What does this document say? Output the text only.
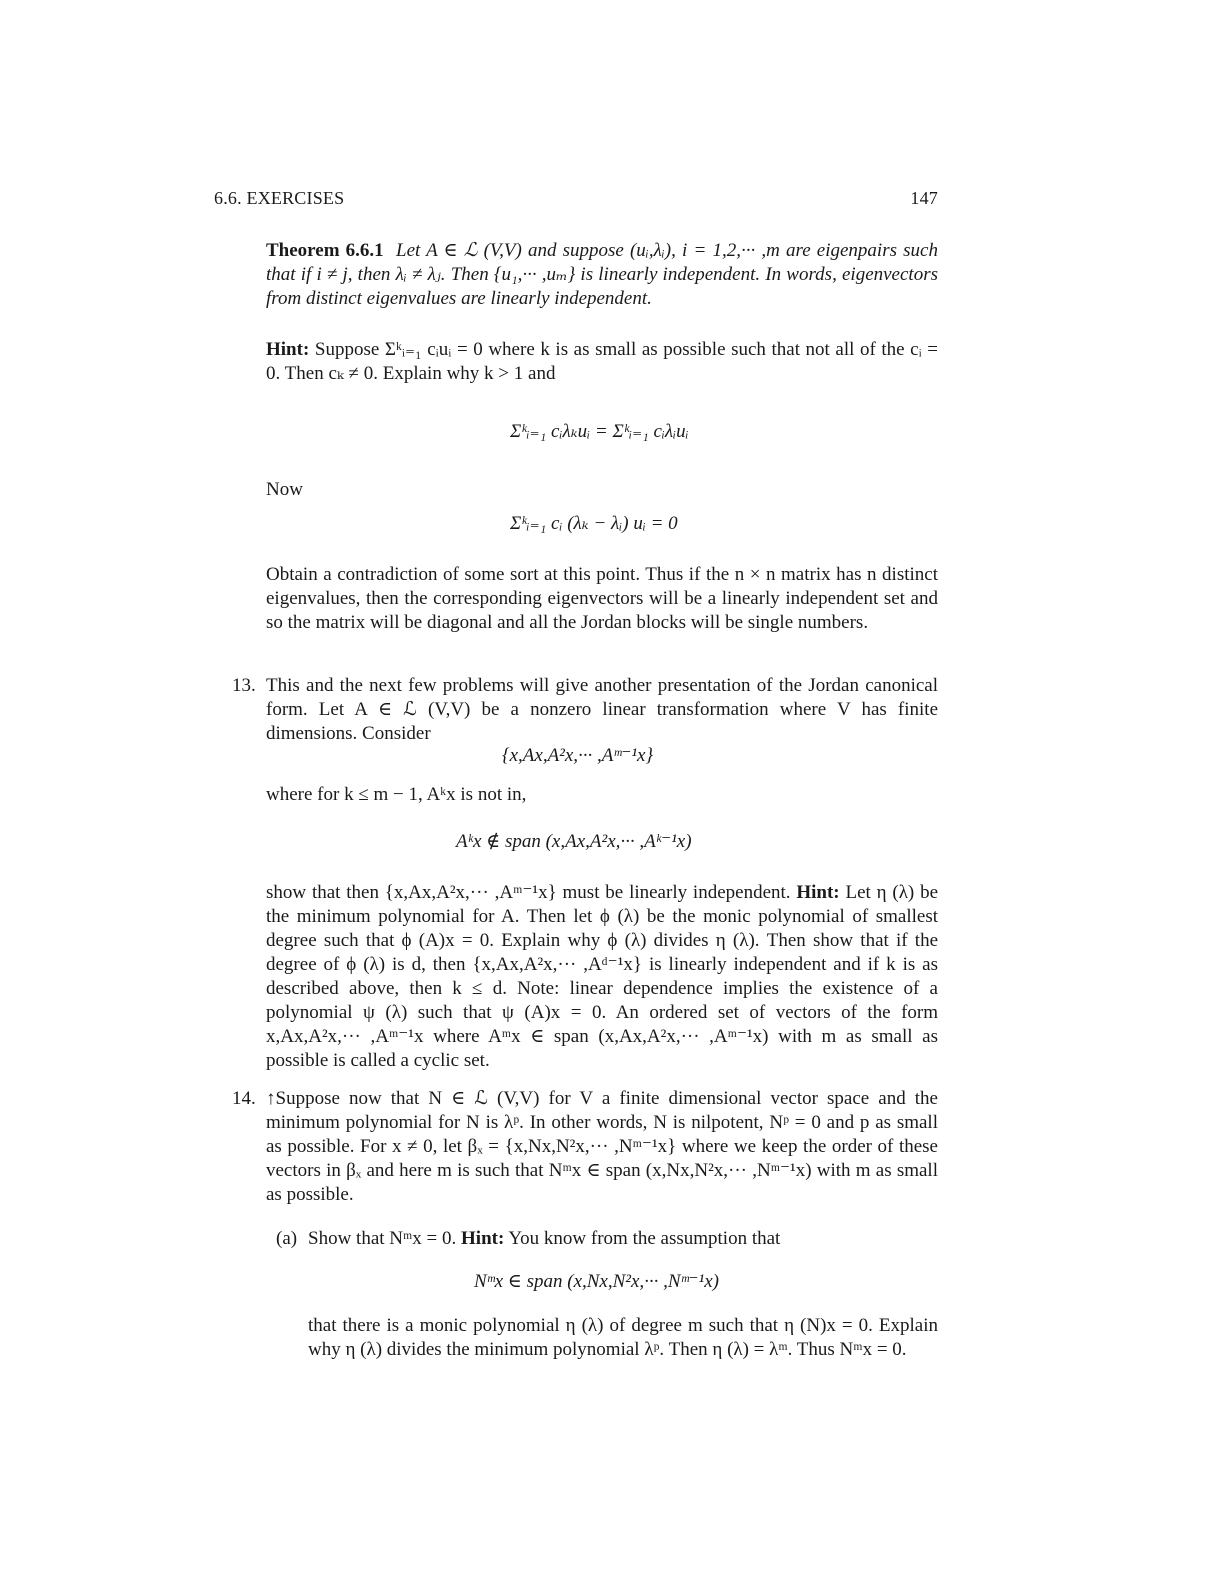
6.6. EXERCISES	147

Theorem 6.6.1 Let A ∈ ℒ (V,V) and suppose (uᵢ,λᵢ), i = 1,2,··· ,m are eigenpairs such that if i ≠ j, then λᵢ ≠ λⱼ. Then {u₁,··· ,uₘ} is linearly independent. In words, eigenvectors from distinct eigenvalues are linearly independent.

Hint: Suppose Σᵏᵢ₌₁ cᵢuᵢ = 0 where k is as small as possible such that not all of the cᵢ = 0. Then cₖ ≠ 0. Explain why k > 1 and

Σᵏᵢ₌₁ cᵢλₖuᵢ = Σᵏᵢ₌₁ cᵢλᵢuᵢ
Now
Σᵏᵢ₌₁ cᵢ (λₖ − λᵢ) uᵢ = 0

Obtain a contradiction of some sort at this point. Thus if the n × n matrix has n distinct eigenvalues, then the corresponding eigenvectors will be a linearly independent set and so the matrix will be diagonal and all the Jordan blocks will be single numbers.

13. This and the next few problems will give another presentation of the Jordan canonical form. Let A ∈ ℒ (V,V) be a nonzero linear transformation where V has finite dimensions. Consider

{x,Ax,A²x,··· ,Aᵐ⁻¹x}
where for k ≤ m − 1, Aᵏx is not in,
Aᵏx ∉ span (x,Ax,A²x,··· ,Aᵏ⁻¹x)

show that then {x,Ax,A²x,··· ,Aᵐ⁻¹x} must be linearly independent. Hint: Let η (λ) be the minimum polynomial for A. Then let ϕ (λ) be the monic polynomial of smallest degree such that ϕ (A)x = 0. Explain why ϕ (λ) divides η (λ). Then show that if the degree of ϕ (λ) is d, then {x,Ax,A²x,··· ,Aᵈ⁻¹x} is linearly independent and if k is as described above, then k ≤ d. Note: linear dependence implies the existence of a polynomial ψ (λ) such that ψ (A)x = 0. An ordered set of vectors of the form x,Ax,A²x,··· ,Aᵐ⁻¹x where Aᵐx ∈ span (x,Ax,A²x,··· ,Aᵐ⁻¹x) with m as small as possible is called a cyclic set.

14. ↑Suppose now that N ∈ ℒ (V,V) for V a finite dimensional vector space and the minimum polynomial for N is λᵖ. In other words, N is nilpotent, Nᵖ = 0 and p as small as possible. For x ≠ 0, let βₓ = {x,Nx,N²x,··· ,Nᵐ⁻¹x} where we keep the order of these vectors in βₓ and here m is such that Nᵐx ∈ span (x,Nx,N²x,··· ,Nᵐ⁻¹x) with m as small as possible.

(a) Show that Nᵐx = 0. Hint: You know from the assumption that

Nᵐx ∈ span (x,Nx,N²x,··· ,Nᵐ⁻¹x)

that there is a monic polynomial η (λ) of degree m such that η (N)x = 0. Explain why η (λ) divides the minimum polynomial λᵖ. Then η (λ) = λᵐ. Thus Nᵐx = 0.
